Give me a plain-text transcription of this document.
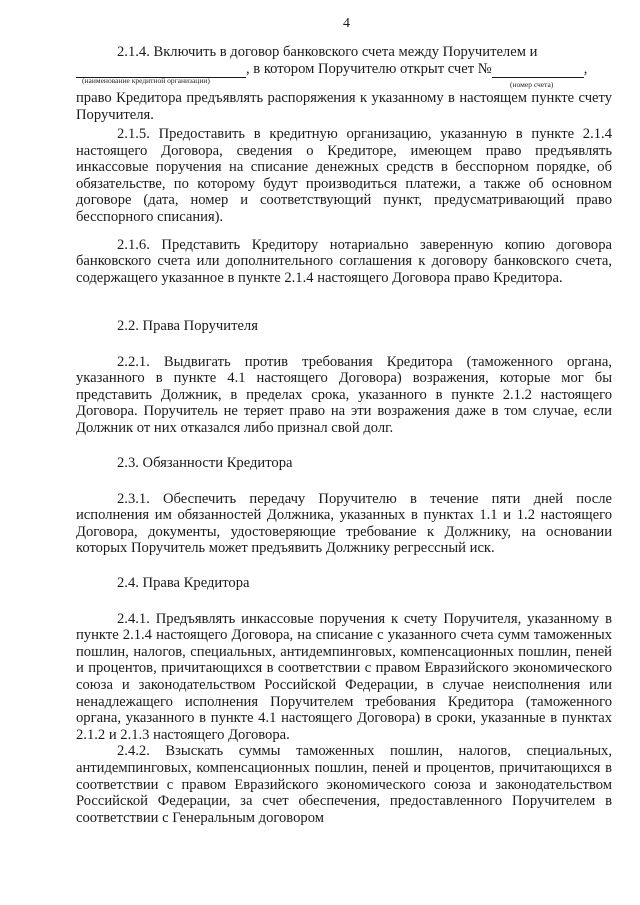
4

2.1.4. Включить в договор банковского счета между Поручителем и

, в котором Поручителю открыт счет №	,

(наименование кредитной организации)	(номер счета)

право Кредитора предъявлять распоряжения к указанному в настоящем пункте счету Поручителя.

2.1.5. Предоставить в кредитную организацию, указанную в пункте 2.1.4 настоящего Договора, сведения о Кредиторе, имеющем право предъявлять инкассовые поручения на списание денежных средств в бесспорном порядке, об обязательстве, по которому будут производиться платежи, а также об основном договоре (дата, номер и соответствующий пункт, предусматривающий право бесспорного списания).

2.1.6. Представить Кредитору нотариально заверенную копию договора банковского счета или дополнительного соглашения к договору банковского счета, содержащего указанное в пункте 2.1.4 настоящего Договора право Кредитора.

2.2. Права Поручителя

2.2.1. Выдвигать против требования Кредитора (таможенного органа, указанного в пункте 4.1 настоящего Договора) возражения, которые мог бы представить Должник, в пределах срока, указанного в пункте 2.1.2 настоящего Договора. Поручитель не теряет право на эти возражения даже в том случае, если Должник от них отказался либо признал свой долг.

2.3. Обязанности Кредитора

2.3.1. Обеспечить передачу Поручителю в течение пяти дней после исполнения им обязанностей Должника, указанных в пунктах 1.1 и 1.2 настоящего Договора, документы, удостоверяющие требование к Должнику, на основании которых Поручитель может предъявить Должнику регрессный иск.

2.4. Права Кредитора

2.4.1. Предъявлять инкассовые поручения к счету Поручителя, указанному в пункте 2.1.4 настоящего Договора, на списание с указанного счета сумм таможенных пошлин, налогов, специальных, антидемпинговых, компенсационных пошлин, пеней и процентов, причитающихся в соответствии с правом Евразийского экономического союза и законодательством Российской Федерации, в случае неисполнения или ненадлежащего исполнения Поручителем требования Кредитора (таможенного органа, указанного в пункте 4.1 настоящего Договора) в сроки, указанные в пунктах 2.1.2 и 2.1.3 настоящего Договора.

2.4.2. Взыскать суммы таможенных пошлин, налогов, специальных, антидемпинговых, компенсационных пошлин, пеней и процентов, причитающихся в соответствии с правом Евразийского экономического союза и законодательством Российской Федерации, за счет обеспечения, предоставленного Поручителем в соответствии с Генеральным договором
